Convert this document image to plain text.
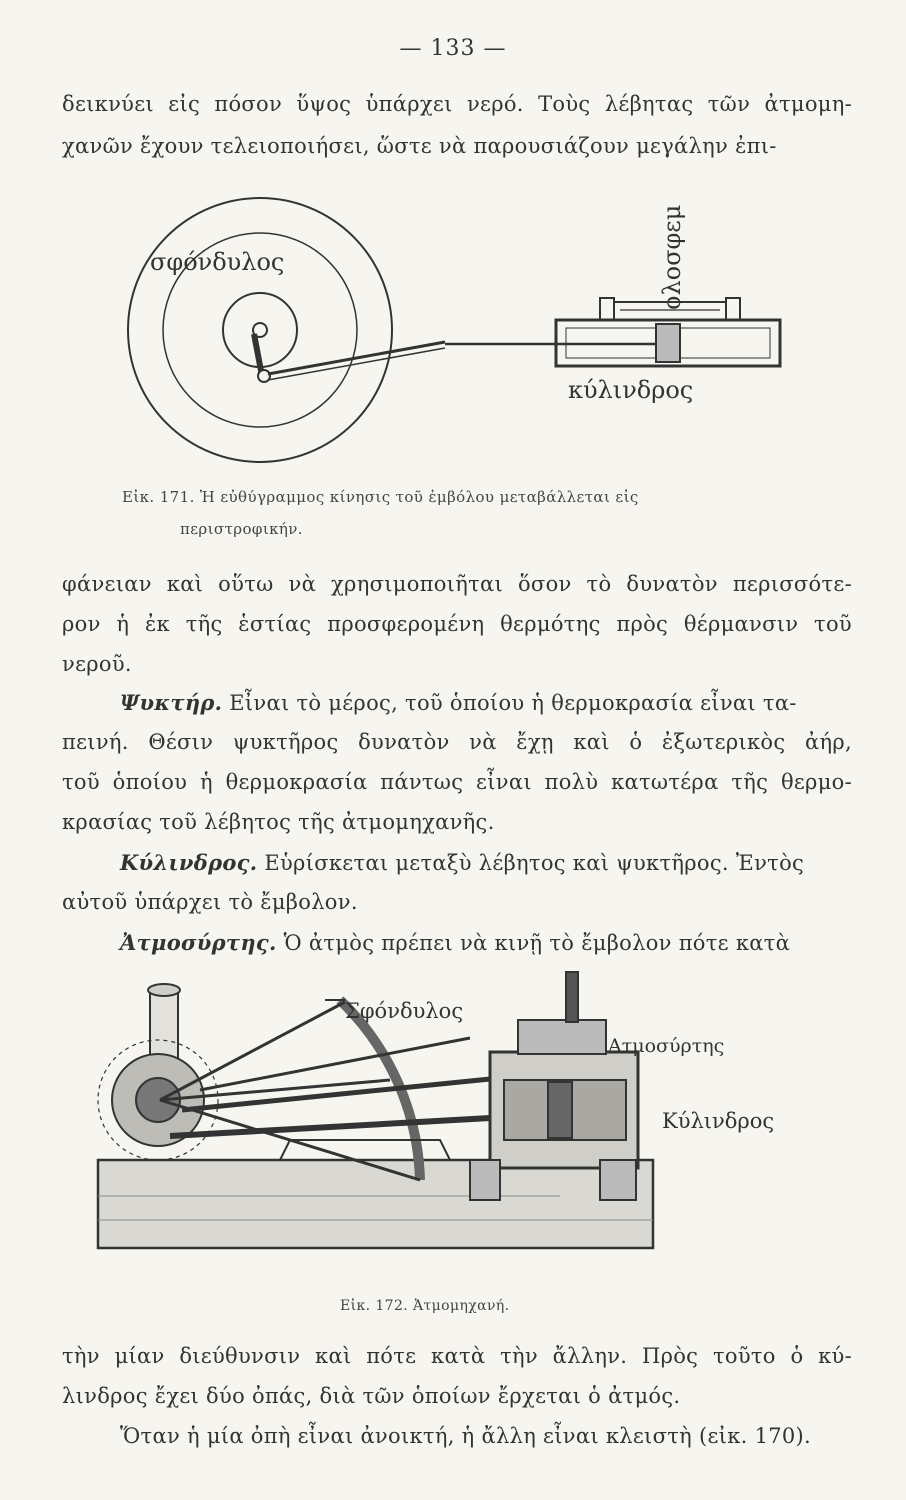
— 133 —
δεικνύει εἰς πόσον ὕψος ὑπάρχει νερό. Τοὺς λέβητας τῶν ἀτμομη-
χανῶν ἔχουν τελειοποιήσει, ὥστε νὰ παρουσιάζουν μεγάλην ἐπι-
σφόνδυλος	ολοσφεμ
κύλινδρος
Εἰκ. 171. Ἡ εὐθύγραμμος κίνησις τοῦ ἐμβόλου μεταβάλλεται εἰς
περιστροφικήν.
φάνειαν καὶ οὕτω νὰ χρησιμοποιῆται ὅσον τὸ δυνατὸν περισσότε-
ρον ἡ ἐκ τῆς ἑστίας προσφερομένη θερμότης πρὸς θέρμανσιν τοῦ
νεροῦ.
Ψυκτήρ. Εἶναι τὸ μέρος, τοῦ ὁποίου ἡ θερμοκρασία εἶναι τα-
πεινή. Θέσιν ψυκτῆρος δυνατὸν νὰ ἔχῃ καὶ ὁ ἐξωτερικὸς ἀήρ,
τοῦ ὁποίου ἡ θερμοκρασία πάντως εἶναι πολὺ κατωτέρα τῆς θερμο-
κρασίας τοῦ λέβητος τῆς ἀτμομηχανῆς.
Κύλινδρος. Εὑρίσκεται μεταξὺ λέβητος καὶ ψυκτῆρος. Ἐντὸς
αὐτοῦ ὑπάρχει τὸ ἔμβολον.
Ἀτμοσύρτης. Ὁ ἀτμὸς πρέπει νὰ κινῇ τὸ ἔμβολον πότε κατὰ
Σφόνδυλος
Ατμοσύρτης
Κύλινδρος
Εἰκ. 172. Ἀτμομηχανή.
τὴν μίαν διεύθυνσιν καὶ πότε κατὰ τὴν ἄλλην. Πρὸς τοῦτο ὁ κύ-
λινδρος ἔχει δύο ὀπάς, διὰ τῶν ὁποίων ἔρχεται ὁ ἀτμός.
Ὅταν ἡ μία ὀπὴ εἶναι ἀνοικτή, ἡ ἄλλη εἶναι κλειστὴ (εἰκ. 170).
